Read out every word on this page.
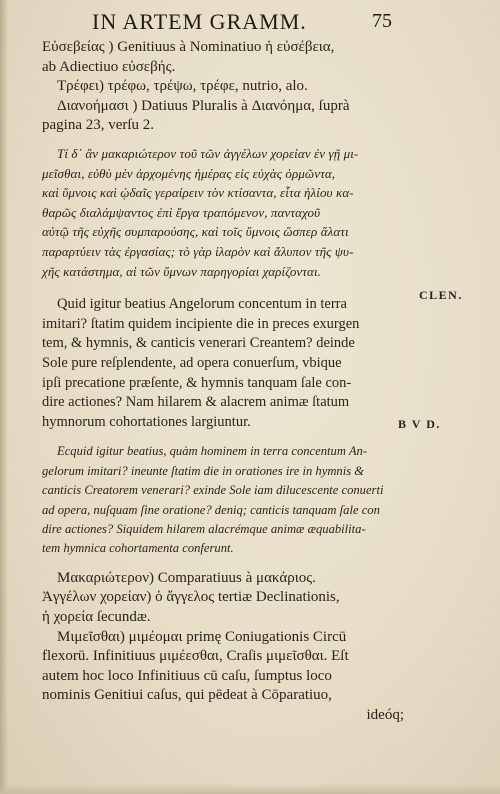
IN ARTEM GRAMM.	75
Εὐσεβείας ) Genitiuus à Nominatiuo ἡ εὐσέβεια,
ab Adiectiuo εὐσεβής.
Τρέφει) τρέφω, τρέψω, τρέφε, nutrio, alo.
Διανοήμασι ) Datiuus Pluralis à Διανόημα, ſuprà
pagina 23, verſu 2.
Τί δ᾽ ἂν μακαριώτερον τοῦ τῶν ἀγγέλων χορείαν ἐν γῇ μι-
μεῖσθαι, εὐθὺ μὲν ἀρχομένης ἡμέρας εἰς εὐχὰς ὁρμῶντα,
καὶ ὕμνοις καὶ ᾠδαῖς γεραίρειν τὸν κτίσαντα, εἶτα ἡλίου κα-
θαρῶς διαλάμψαντος ἐπὶ ἔργα τραπόμενον, πανταχοῦ
αὐτῷ τῆς εὐχῆς συμπαρούσης, καὶ τοῖς ὕμνοις ὥσπερ ἅλατι
παραρτύειν τὰς ἐργασίας; τὸ γὰρ ἱλαρὸν καὶ ἄλυπον τῆς ψυ-
χῆς κατάστημα, αἱ τῶν ὕμνων παρηγορίαι χαρίζονται.
Quid igitur beatius Angelorum concentum in terra
imitari? ſtatim quidem incipiente die in preces exurgen
tem, & hymnis, & canticis venerari Creantem? deinde
Sole pure reſplendente, ad opera conuerſum, vbique
ipſi precatione præſente, & hymnis tanquam ſale con-
dire actiones? Nam hilarem & alacrem animæ ſtatum
hymnorum cohortationes largiuntur.
Ecquid igitur beatius, quàm hominem in terra concentum An-
gelorum imitari? ineunte ſtatim die in orationes ire in hymnis &
canticis Creatorem venerari? exinde Sole iam dilucescente conuerti
ad opera, nuſquam ſine oratione? deniq; canticis tanquam ſale con
dire actiones? Siquidem hilarem alacrémque animæ æquabilita-
tem hymnica cohortamenta conferunt.
Μακαριώτερον) Comparatiuus à μακάριος.
Ἀγγέλων χορείαν) ὁ ἄγγελος tertiæ Declinationis,
ἡ χορεία ſecundæ.
Μιμεῖσθαι) μιμέομαι primę Coniugationis Circū
flexorū. Infinitiuus μιμέεσθαι, Craſis μιμεῖσθαι. Eſt
autem hoc loco Infinitiuus cū caſu, ſumptus loco
nominis Genitiui caſus, qui pēdeat à Cōparatiuo,
ideóq;
CLEN.
B V D.
